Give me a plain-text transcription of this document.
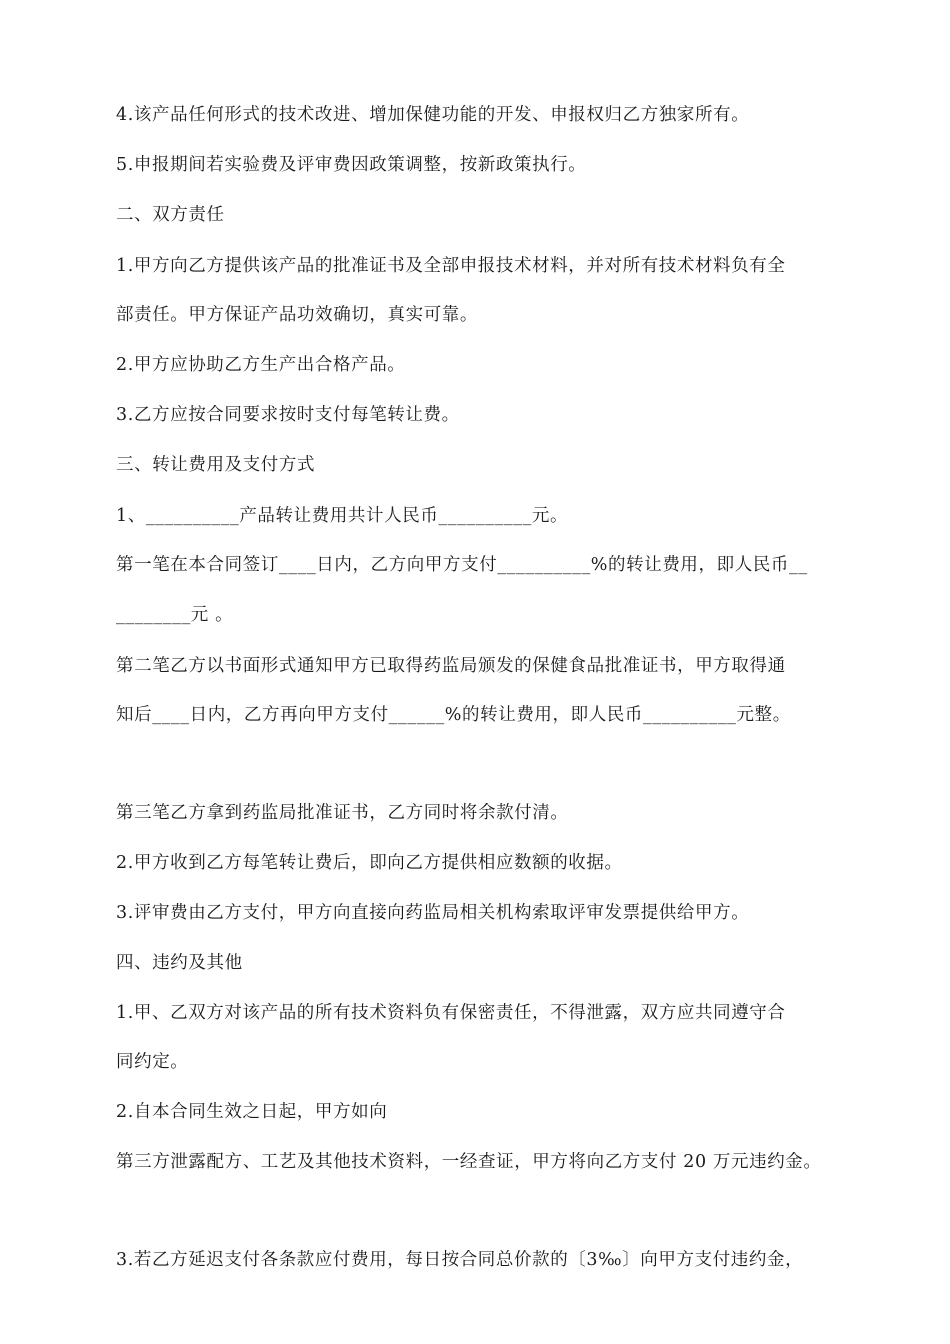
4.该产品任何形式的技术改进、增加保健功能的开发、申报权归乙方独家所有。
5.申报期间若实验费及评审费因政策调整，按新政策执行。
二、双方责任
1.甲方向乙方提供该产品的批准证书及全部申报技术材料，并对所有技术材料负有全
部责任。甲方保证产品功效确切，真实可靠。
2.甲方应协助乙方生产出合格产品。
3.乙方应按合同要求按时支付每笔转让费。
三、转让费用及支付方式
1、__________产品转让费用共计人民币__________元。
第一笔在本合同签订____日内，乙方向甲方支付__________%的转让费用，即人民币__
________元 。
第二笔乙方以书面形式通知甲方已取得药监局颁发的保健食品批准证书，甲方取得通
知后____日内，乙方再向甲方支付______%的转让费用，即人民币__________元整。
第三笔乙方拿到药监局批准证书，乙方同时将余款付清。
2.甲方收到乙方每笔转让费后，即向乙方提供相应数额的收据。
3.评审费由乙方支付，甲方向直接向药监局相关机构索取评审发票提供给甲方。
四、违约及其他
1.甲、乙双方对该产品的所有技术资料负有保密责任，不得泄露，双方应共同遵守合
同约定。
2.自本合同生效之日起，甲方如向
第三方泄露配方、工艺及其他技术资料，一经查证，甲方将向乙方支付 20 万元违约金。
3.若乙方延迟支付各条款应付费用，每日按合同总价款的〔3‰〕向甲方支付违约金，
